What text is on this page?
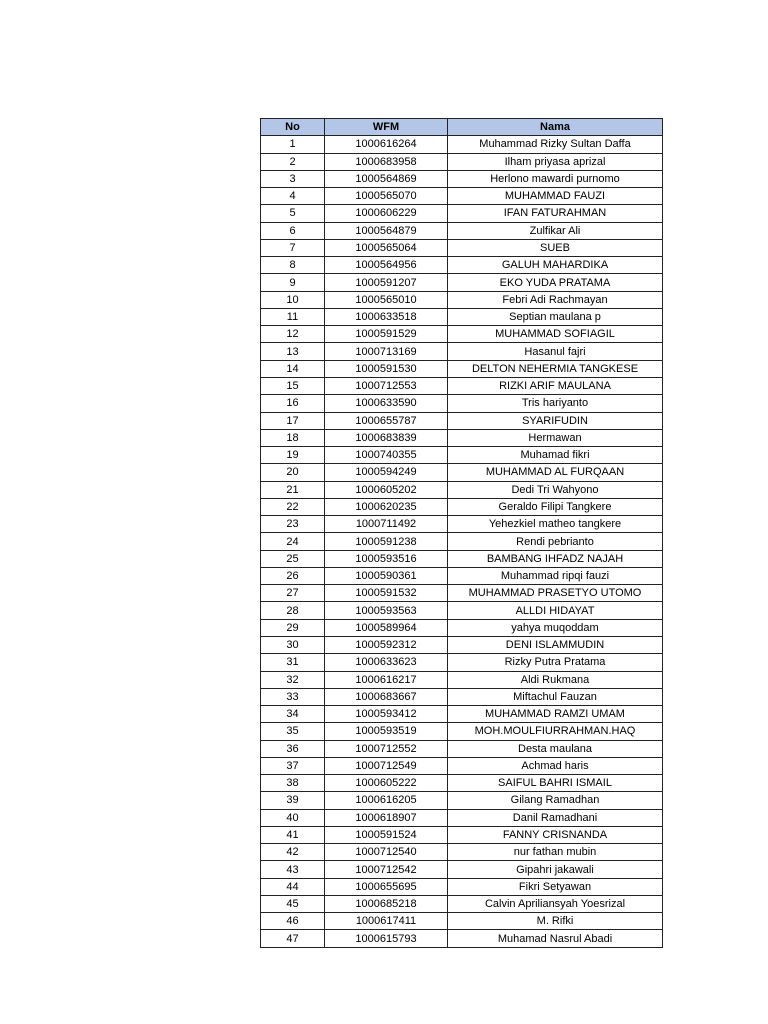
No	WFM	Nama
1	1000616264	Muhammad Rizky Sultan Daffa
2	1000683958	Ilham priyasa aprizal
3	1000564869	Herlono mawardi purnomo
4	1000565070	MUHAMMAD FAUZI
5	1000606229	IFAN FATURAHMAN
6	1000564879	Zulfikar Ali
7	1000565064	SUEB
8	1000564956	GALUH MAHARDIKA
9	1000591207	EKO YUDA PRATAMA
10	1000565010	Febri Adi Rachmayan
11	1000633518	Septian maulana p
12	1000591529	MUHAMMAD SOFIAGIL
13	1000713169	Hasanul fajri
14	1000591530	DELTON NEHERMIA TANGKESE
15	1000712553	RIZKI ARIF MAULANA
16	1000633590	Tris hariyanto
17	1000655787	SYARIFUDIN
18	1000683839	Hermawan
19	1000740355	Muhamad fikri
20	1000594249	MUHAMMAD AL FURQAAN
21	1000605202	Dedi Tri Wahyono
22	1000620235	Geraldo Filipi Tangkere
23	1000711492	Yehezkiel matheo tangkere
24	1000591238	Rendi pebrianto
25	1000593516	BAMBANG IHFADZ NAJAH
26	1000590361	Muhammad ripqi fauzi
27	1000591532	MUHAMMAD PRASETYO UTOMO
28	1000593563	ALLDI HIDAYAT
29	1000589964	yahya muqoddam
30	1000592312	DENI ISLAMMUDIN
31	1000633623	Rizky Putra Pratama
32	1000616217	Aldi Rukmana
33	1000683667	Miftachul Fauzan
34	1000593412	MUHAMMAD RAMZI UMAM
35	1000593519	MOH.MOULFIURRAHMAN.HAQ
36	1000712552	Desta maulana
37	1000712549	Achmad haris
38	1000605222	SAIFUL BAHRI ISMAIL
39	1000616205	Gilang Ramadhan
40	1000618907	Danil Ramadhani
41	1000591524	FANNY CRISNANDA
42	1000712540	nur fathan mubin
43	1000712542	Gipahri jakawali
44	1000655695	Fikri Setyawan
45	1000685218	Calvin Apriliansyah Yoesrizal
46	1000617411	M. Rifki
47	1000615793	Muhamad Nasrul Abadi
